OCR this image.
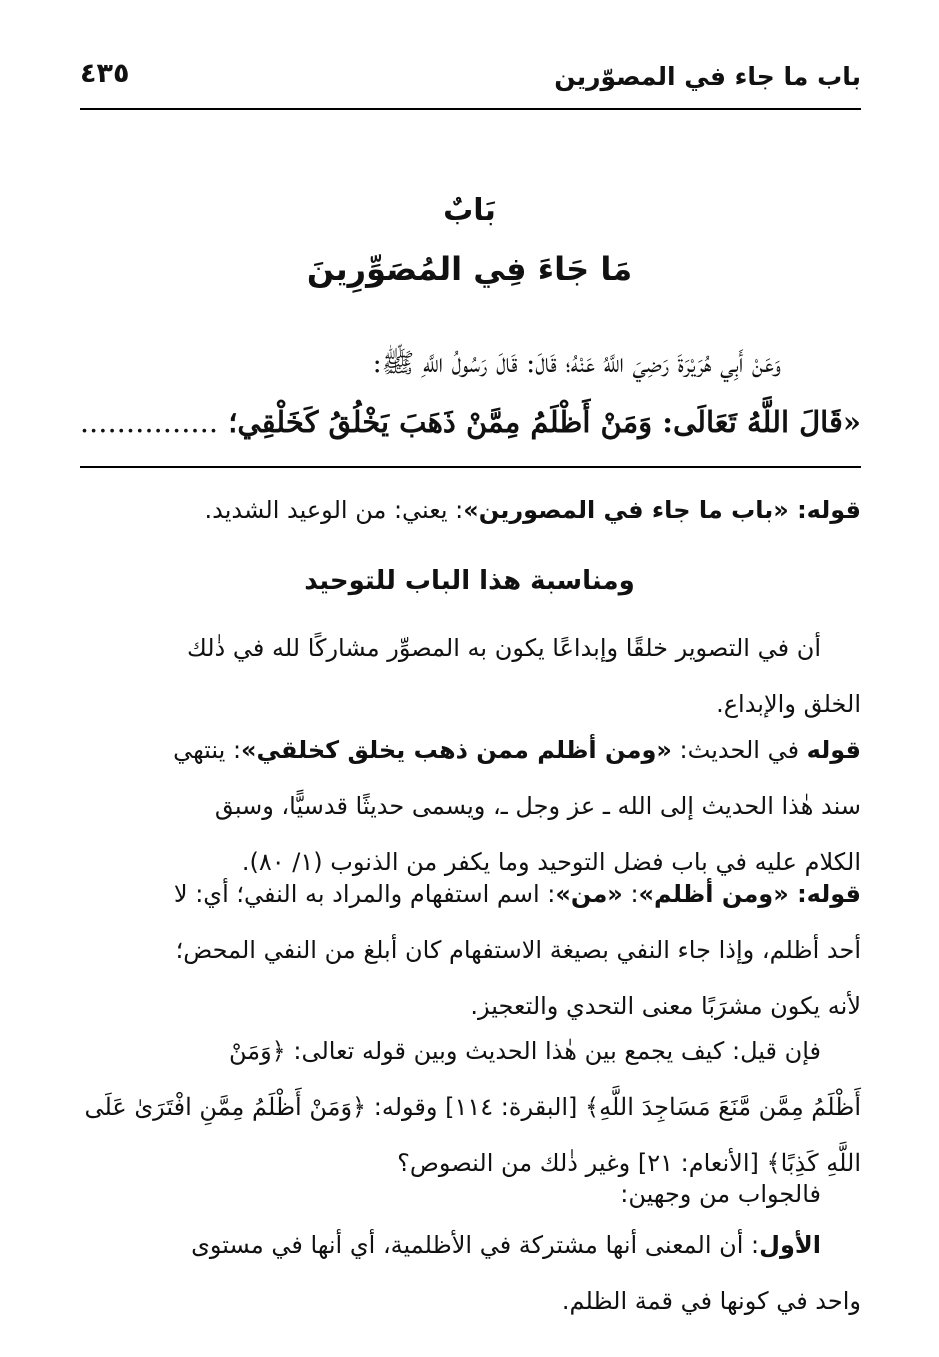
باب ما جاء في المصوّرين
٤٣٥
بَابٌ
مَا جَاءَ فِي المُصَوِّرِينَ
وَعَنْ أَبِي هُرَيْرَةَ رَضِيَ اللَّهُ عَنْهُ؛ قَالَ: قَالَ رَسُولُ اللَّهِ ﷺ:
«قَالَ اللَّهُ تَعَالَى: وَمَنْ أَظْلَمُ مِمَّنْ ذَهَبَ يَخْلُقُ كَخَلْقِي؛ ...............
قوله: «باب ما جاء في المصورين»: يعني: من الوعيد الشديد.
ومناسبة هذا الباب للتوحيد
أن في التصوير خلقًا وإبداعًا يكون به المصوِّر مشاركًا لله في ذٰلك
الخلق والإبداع.
قوله في الحديث: «ومن أظلم ممن ذهب يخلق كخلقي»: ينتهي
سند هٰذا الحديث إلى الله ـ عز وجل ـ، ويسمى حديثًا قدسيًّا، وسبق
الكلام عليه في باب فضل التوحيد وما يكفر من الذنوب (١/ ٨٠).
قوله: «ومن أظلم»: «من»: اسم استفهام والمراد به النفي؛ أي: لا
أحد أظلم، وإذا جاء النفي بصيغة الاستفهام كان أبلغ من النفي المحض؛
لأنه يكون مشرَبًا معنى التحدي والتعجيز.
فإن قيل: كيف يجمع بين هٰذا الحديث وبين قوله تعالى: ﴿وَمَنْ
أَظْلَمُ مِمَّن مَّنَعَ مَسَاجِدَ اللَّهِ﴾ [البقرة: ١١٤] وقوله: ﴿وَمَنْ أَظْلَمُ مِمَّنِ افْتَرَىٰ عَلَى
اللَّهِ كَذِبًا﴾ [الأنعام: ٢١] وغير ذٰلك من النصوص؟
فالجواب من وجهين:
الأول: أن المعنى أنها مشتركة في الأظلمية، أي أنها في مستوى
واحد في كونها في قمة الظلم.
